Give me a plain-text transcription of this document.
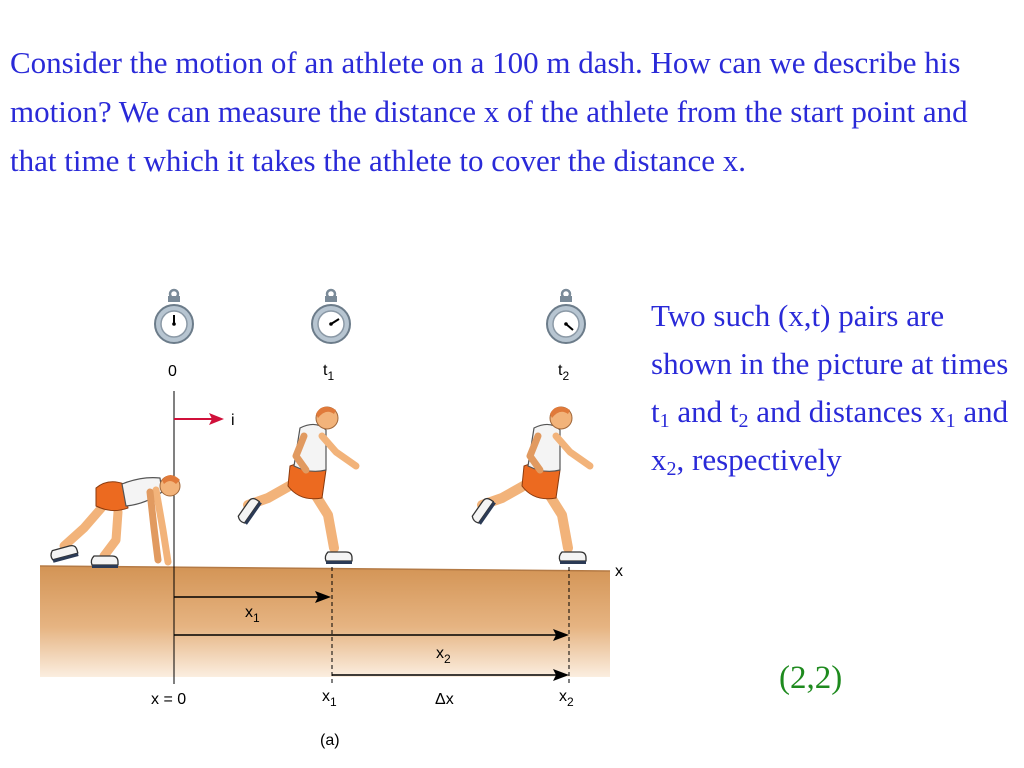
Consider the motion of an athlete on a 100 m dash. How can we describe his motion? We can measure the distance x of the athlete from the start point and that time t which it takes the athlete to cover the distance x.

Two such (x,t) pairs are shown in the picture at times $t_1$ and $t_2$ and distances $x_1$ and $x_2$, respectively

(2,2)
0	$t_1$	$t_2$
i
x
$x_1$
$x_2$
x = 0	$x_1$	Δx	$x_2$
(a)
